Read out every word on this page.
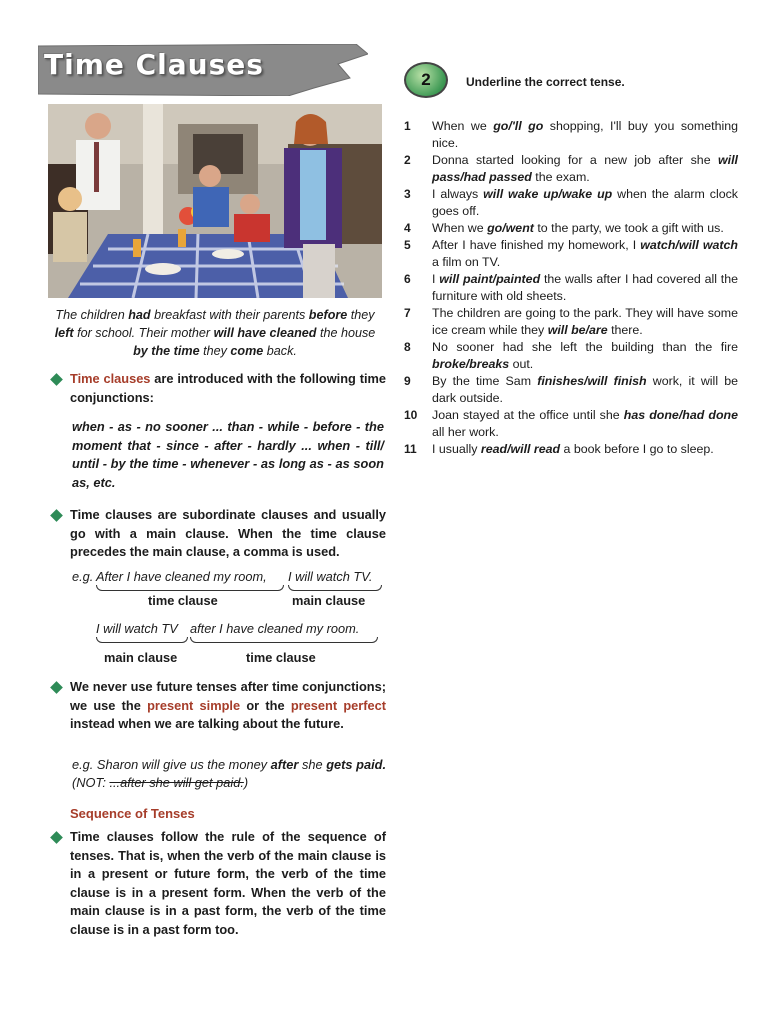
Time Clauses
The children had breakfast with their parents before they left for school. Their mother will have cleaned the house by the time they come back.
Time clauses are introduced with the following time conjunctions:
when - as - no sooner ... than - while - before - the moment that - since - after - hardly ... when - till/ until - by the time - whenever - as long as - as soon as, etc.
Time clauses are subordinate clauses and usually go with a main clause. When the time clause precedes the main clause, a comma is used.
e.g. After I have cleaned my room, I will watch TV.
time clause	main clause
I will watch TV after I have cleaned my room.
main clause	time clause
We never use future tenses after time conjunctions; we use the present simple or the present perfect instead when we are talking about the future.
e.g. Sharon will give us the money after she gets paid. (NOT: ...after she will get paid.)
Sequence of Tenses
Time clauses follow the rule of the sequence of tenses. That is, when the verb of the main clause is in a present or future form, the verb of the time clause is in a present form. When the verb of the main clause is in a past form, the verb of the time clause is in a past form too.
2	Underline the correct tense.
1	When we go/'ll go shopping, I'll buy you something nice.
2	Donna started looking for a new job after she will pass/had passed the exam.
3	I always will wake up/wake up when the alarm clock goes off.
4	When we go/went to the party, we took a gift with us.
5	After I have finished my homework, I watch/will watch a film on TV.
6	I will paint/painted the walls after I had covered all the furniture with old sheets.
7	The children are going to the park. They will have some ice cream while they will be/are there.
8	No sooner had she left the building than the fire broke/breaks out.
9	By the time Sam finishes/will finish work, it will be dark outside.
10	Joan stayed at the office until she has done/had done all her work.
11	I usually read/will read a book before I go to sleep.
